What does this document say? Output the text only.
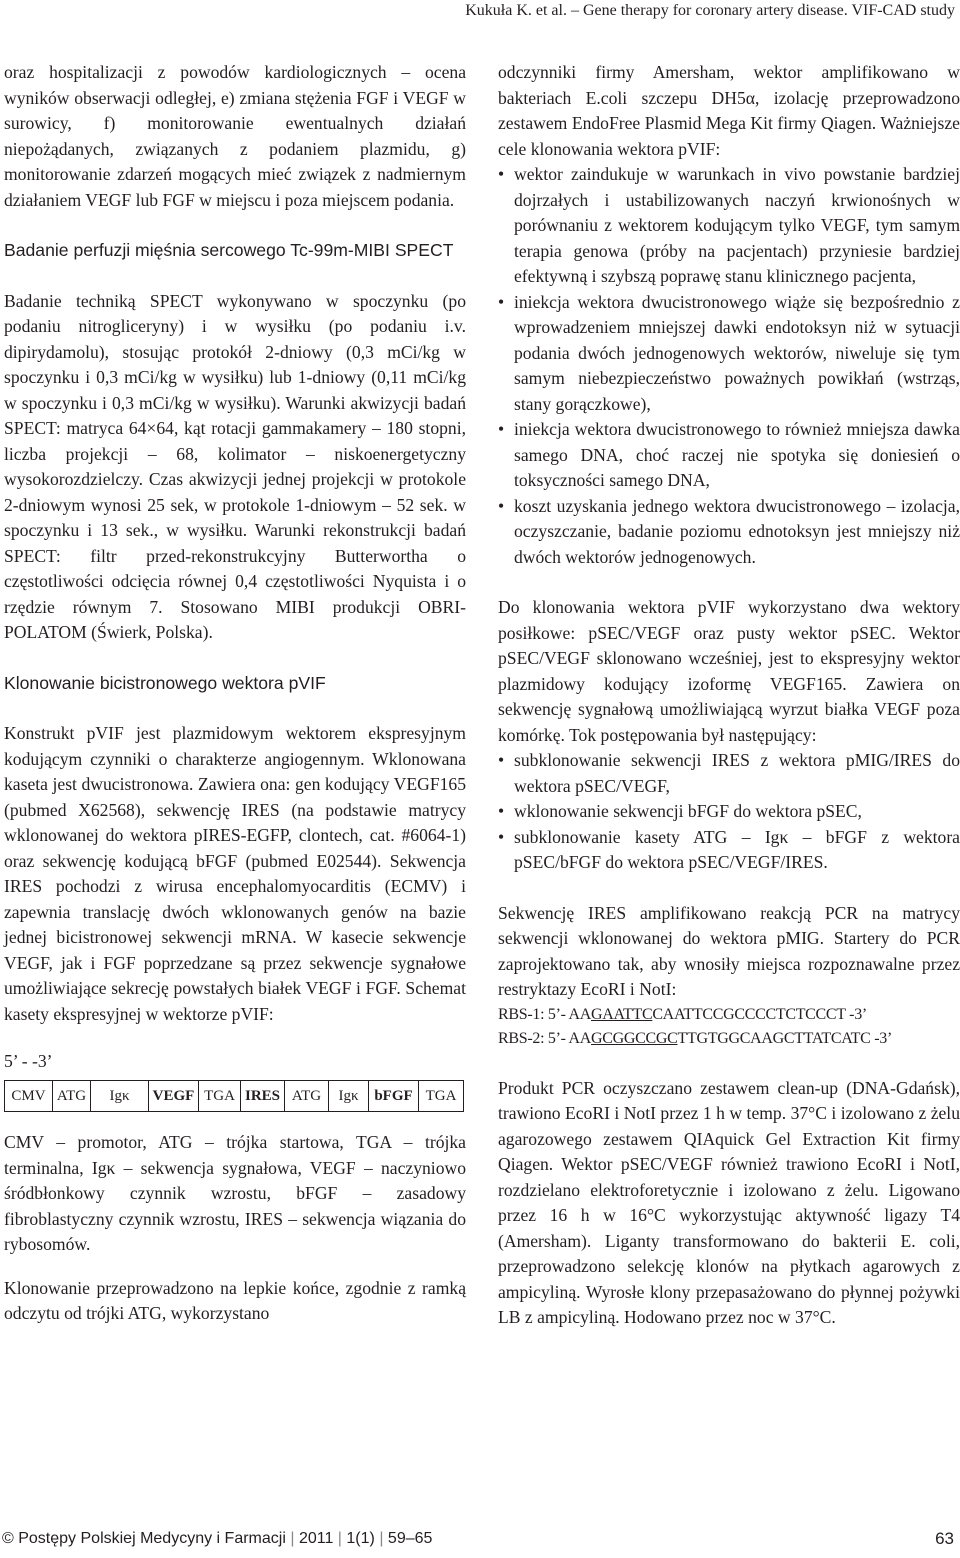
Kukuła K. et al. – Gene therapy for coronary artery disease. VIF-CAD study

oraz hospitalizacji z powodów kardiologicznych – ocena wyników obserwacji odległej, e) zmiana stężenia FGF i VEGF w surowicy, f) monitorowanie ewentualnych działań niepożądanych, związanych z podaniem plazmidu, g) monitorowanie zdarzeń mogących mieć związek z nadmiernym działaniem VEGF lub FGF w miejscu i poza miejscem podania.

Badanie perfuzji mięśnia sercowego Tc-99m-MIBI SPECT

Badanie techniką SPECT wykonywano w spoczynku (po podaniu nitrogliceryny) i w wysiłku (po podaniu i.v. dipirydamolu), stosując protokół 2-dniowy (0,3 mCi/kg w spoczynku i 0,3 mCi/kg w wysiłku) lub 1-dniowy (0,11 mCi/kg w spoczynku i 0,3 mCi/kg w wysiłku). Warunki akwizycji badań SPECT: matryca 64×64, kąt rotacji gammakamery – 180 stopni, liczba projekcji – 68, kolimator – niskoenergetyczny wysokorozdzielczy. Czas akwizycji jednej projekcji w protokole 2-dniowym wynosi 25 sek, w protokole 1-dniowym – 52 sek. w spoczynku i 13 sek., w wysiłku. Warunki rekonstrukcji badań SPECT: filtr przed-rekonstrukcyjny Butterwortha o częstotliwości odcięcia równej 0,4 częstotliwości Nyquista i o rzędzie równym 7. Stosowano MIBI produkcji OBRI-POLATOM (Świerk, Polska).

Klonowanie bicistronowego wektora pVIF

Konstrukt pVIF jest plazmidowym wektorem ekspresyjnym kodującym czynniki o charakterze angiogennym. Wklonowana kaseta jest dwucistronowa. Zawiera ona: gen kodujący VEGF165 (pubmed X62568), sekwencję IRES (na podstawie matrycy wklonowanej do wektora pIRES-EGFP, clontech, cat. #6064-1) oraz sekwencję kodującą bFGF (pubmed E02544). Sekwencja IRES pochodzi z wirusa encephalomyocarditis (ECMV) i zapewnia translację dwóch wklonowanych genów na bazie jednej bicistronowej sekwencji mRNA. W kasecie sekwencje VEGF, jak i FGF poprzedzane są przez sekwencje sygnałowe umożliwiające sekrecję powstałych białek VEGF i FGF. Schemat kasety ekspresyjnej w wektorze pVIF:

5’ - -3’
CMV ATG	Igκ	VEGF TGA IRES ATG	Igκ	bFGF TGA

CMV – promotor, ATG – trójka startowa, TGA – trójka terminalna, Igκ – sekwencja sygnałowa, VEGF – naczyniowo śródbłonkowy czynnik wzrostu, bFGF – zasadowy fibroblastyczny czynnik wzrostu, IRES – sekwencja wiązania do rybosomów.

Klonowanie przeprowadzono na lepkie końce, zgodnie z ramką odczytu od trójki ATG, wykorzystano

odczynniki firmy Amersham, wektor amplifikowano w bakteriach E.coli szczepu DH5α, izolację przeprowadzono zestawem EndoFree Plasmid Mega Kit firmy Qiagen. Ważniejsze cele klonowania wektora pVIF:

• wektor zaindukuje w warunkach in vivo powstanie bardziej dojrzałych i ustabilizowanych naczyń krwionośnych w porównaniu z wektorem kodującym tylko VEGF, tym samym terapia genowa (próby na pacjentach) przyniesie bardziej efektywną i szybszą poprawę stanu klinicznego pacjenta,
• iniekcja wektora dwucistronowego wiąże się bezpośrednio z wprowadzeniem mniejszej dawki endotoksyn niż w sytuacji podania dwóch jednogenowych wektorów, niweluje się tym samym niebezpieczeństwo poważnych powikłań (wstrząs, stany gorączkowe),
• iniekcja wektora dwucistronowego to również mniejsza dawka samego DNA, choć raczej nie spotyka się doniesień o toksyczności samego DNA,
• koszt uzyskania jednego wektora dwucistronowego – izolacja, oczyszczanie, badanie poziomu ednotoksyn jest mniejszy niż dwóch wektorów jednogenowych.

Do klonowania wektora pVIF wykorzystano dwa wektory posiłkowe: pSEC/VEGF oraz pusty wektor pSEC. Wektor pSEC/VEGF sklonowano wcześniej, jest to ekspresyjny wektor plazmidowy kodujący izoformę VEGF165. Zawiera on sekwencję sygnałową umożliwiającą wyrzut białka VEGF poza komórkę. Tok postępowania był następujący:

• subklonowanie sekwencji IRES z wektora pMIG/IRES do wektora pSEC/VEGF,
• wklonowanie sekwencji bFGF do wektora pSEC,
• subklonowanie kasety ATG – Igκ – bFGF z wektora pSEC/bFGF do wektora pSEC/VEGF/IRES.

Sekwencję IRES amplifikowano reakcją PCR na matrycy sekwencji wklonowanej do wektora pMIG. Startery do PCR zaprojektowano tak, aby wnosiły miejsca rozpoznawalne przez restryktazy EcoRI i NotI:

RBS-1: 5’- AAGAATTCCAATTCCGCCCCTCTCCCT -3’
RBS-2: 5’- AAGCGGCCGCTTGTGGCAAGCTTATCATC -3’

Produkt PCR oczyszczano zestawem clean-up (DNA-Gdańsk), trawiono EcoRI i NotI przez 1 h w temp. 37°C i izolowano z żelu agarozowego zestawem QIAquick Gel Extraction Kit firmy Qiagen. Wektor pSEC/VEGF również trawiono EcoRI i NotI, rozdzielano elektroforetycznie i izolowano z żelu. Ligowano przez 16 h w 16°C wykorzystując aktywność ligazy T4 (Amersham). Liganty transformowano do bakterii E. coli, przeprowadzono selekcję klonów na płytkach agarowych z ampicyliną. Wyrosłe klony przepasażowano do płynnej pożywki LB z ampicyliną. Hodowano przez noc w 37°C.

© Postępy Polskiej Medycyny i Farmacji | 2011 | 1(1) | 59–65	63
